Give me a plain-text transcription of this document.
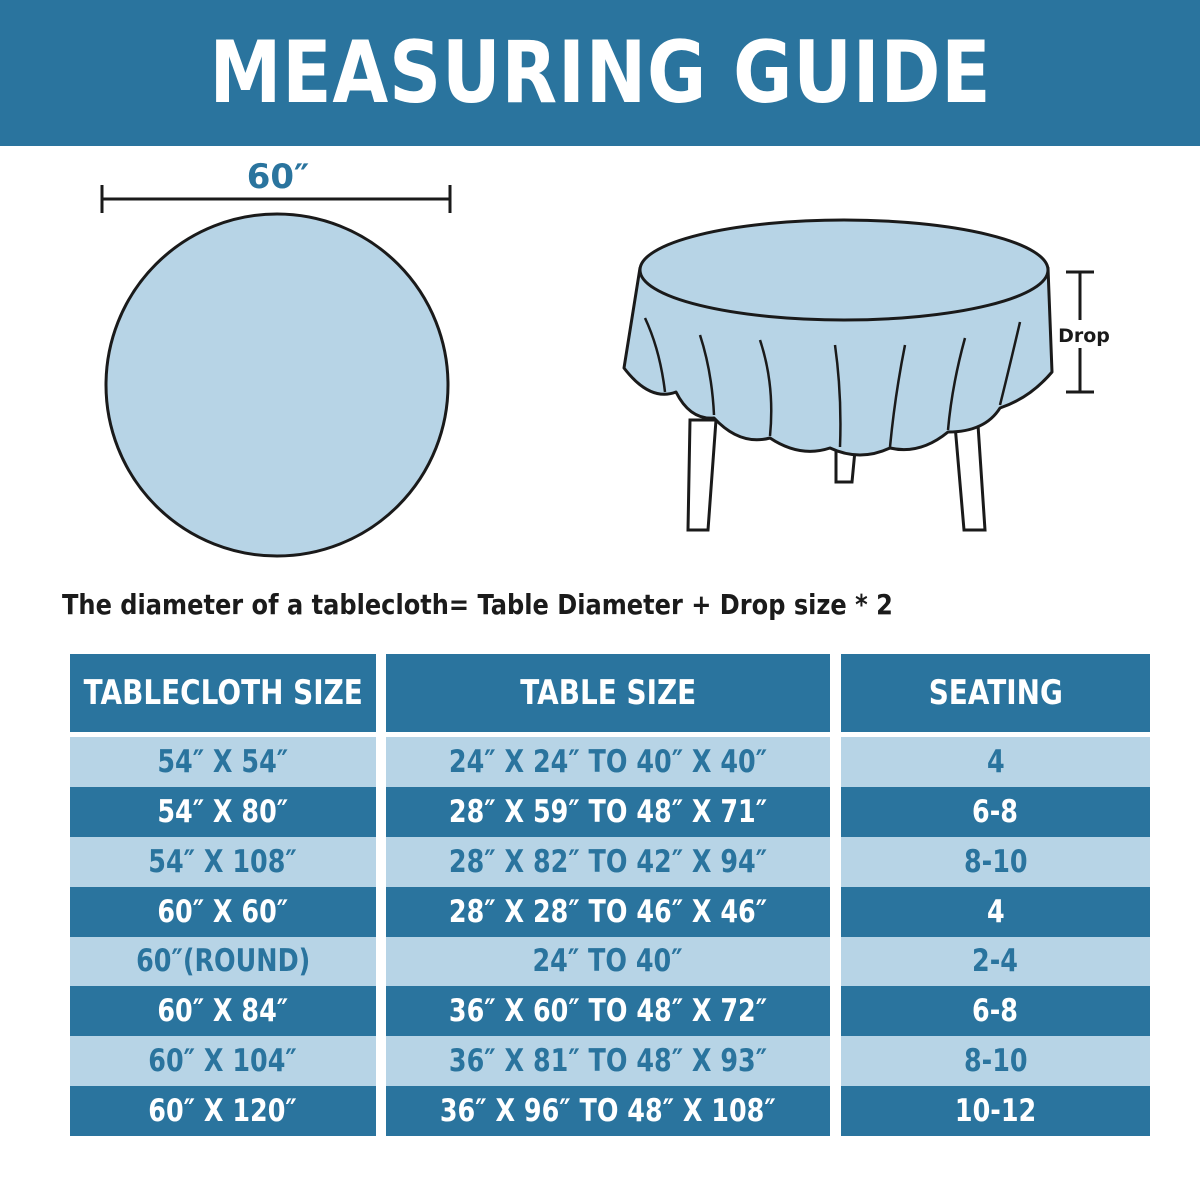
MEASURING GUIDE
60″
Drop
The diameter of a tablecloth= Table Diameter + Drop size * 2
TABLECLOTH SIZE
54″ X 54″
54″ X 80″
54″ X 108″
60″ X 60″
60″(ROUND)
60″ X 84″
60″ X 104″
60″ X 120″
TABLE SIZE
24″ X 24″ TO 40″ X 40″
28″ X 59″ TO 48″ X 71″
28″ X 82″ TO 42″ X 94″
28″ X 28″ TO 46″ X 46″
24″ TO 40″
36″ X 60″ TO 48″ X 72″
36″ X 81″ TO 48″ X 93″
36″ X 96″ TO 48″ X 108″
SEATING
4
6-8
8-10
4
2-4
6-8
8-10
10-12
